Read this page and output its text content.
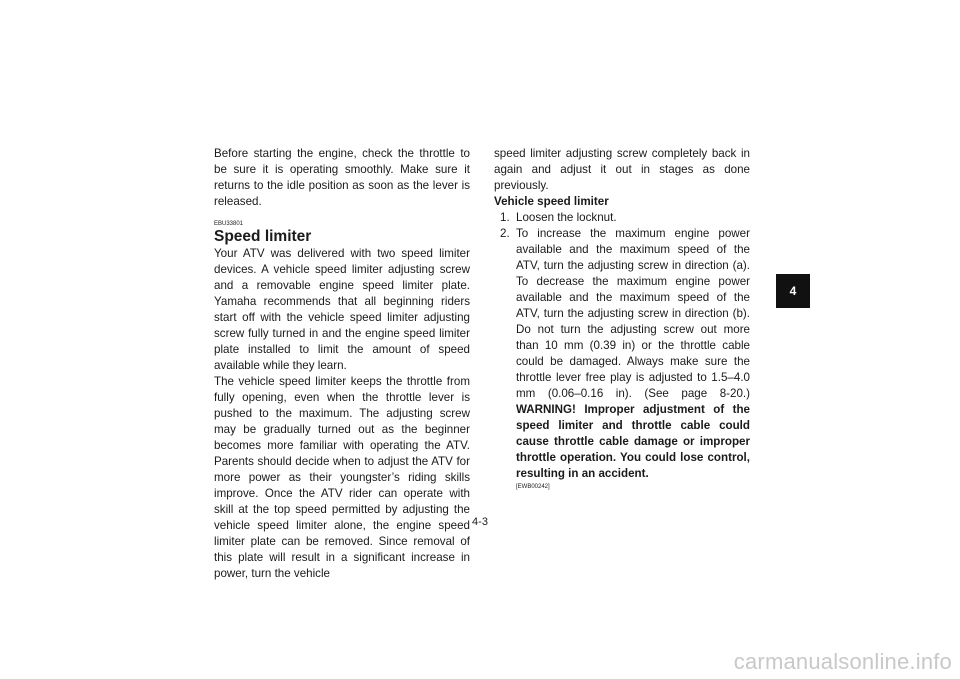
Before starting the engine, check the throttle to be sure it is operating smoothly. Make sure it returns to the idle position as soon as the lever is released.

EBU33801
Speed limiter

Your ATV was delivered with two speed limiter devices. A vehicle speed limiter adjusting screw and a removable engine speed limiter plate. Yamaha recommends that all beginning riders start off with the vehicle speed limiter adjusting screw fully turned in and the engine speed limiter plate installed to limit the amount of speed available while they learn.

The vehicle speed limiter keeps the throttle from fully opening, even when the throttle lever is pushed to the maximum. The adjusting screw may be gradually turned out as the beginner becomes more familiar with operating the ATV. Parents should decide when to adjust the ATV for more power as their youngster’s riding skills improve. Once the ATV rider can operate with skill at the top speed permitted by adjusting the vehicle speed limiter alone, the engine speed limiter plate can be removed. Since removal of this plate will result in a significant increase in power, turn the vehicle

speed limiter adjusting screw completely back in again and adjust it out in stages as done previously.

Vehicle speed limiter

1. Loosen the locknut.
2. To increase the maximum engine power available and the maximum speed of the ATV, turn the adjusting screw in direction (a). To decrease the maximum engine power available and the maximum speed of the ATV, turn the adjusting screw in direction (b). Do not turn the adjusting screw out more than 10 mm (0.39 in) or the throttle cable could be damaged. Always make sure the throttle lever free play is adjusted to 1.5–4.0 mm (0.06–0.16 in). (See page 8-20.) WARNING! Improper adjustment of the speed limiter and throttle cable could cause throttle cable damage or improper throttle operation. You could lose control, resulting in an accident.
[EWB00242]
4
4-3
carmanualsonline.info
